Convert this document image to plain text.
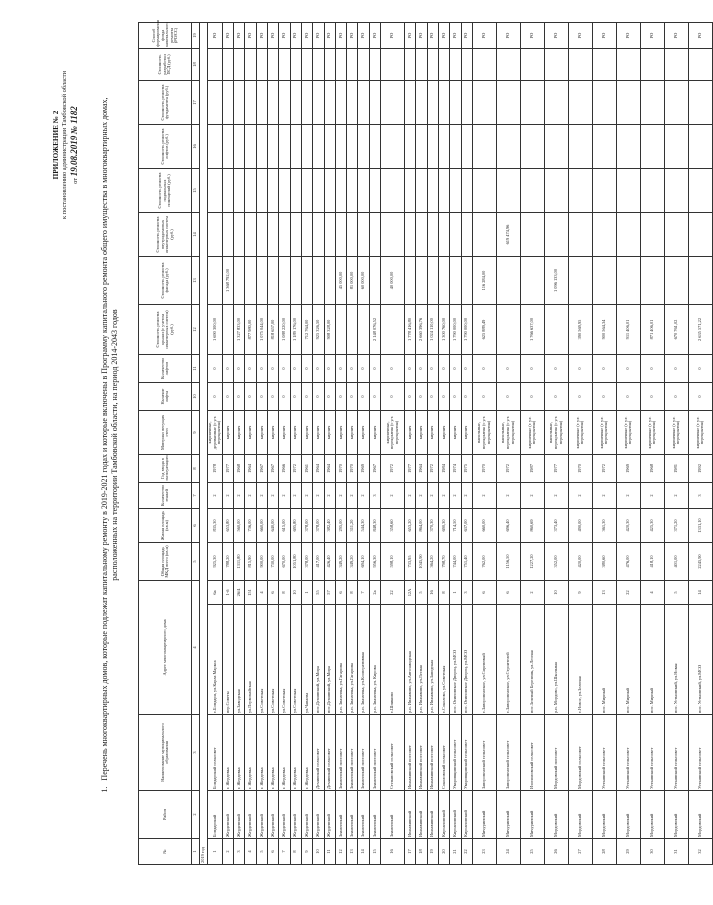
ПРИЛОЖЕНИЕ № 2 к постановлению администрации Тамбовской области от 19.08.2019 № 1182
1. Перечень многоквартирных домов, которые подлежат капитальному ремонту в 2019-2021 годах и которые включены в Программу капитального ремонта общего имущества в многоквартирных домах, расположенных на территории Тамбовской области, на период 2014-2043 годов
№	Район	Наименование муниципального образования	Адрес многоквартирного дома		Общая площадь МКД всего (кв.м)	Жилая площадь (кв.м)	Количество этажей	Год ввода в эксплуатацию	Материал несущих стен	Наличие лифта	Количество лифтов	Стоимость ремонта крыши (с учетом инженерных систем) (руб.)	Стоимость ремонта фасада (руб.)	Стоимость ремонта внутридомовых инженерных систем (руб.)	Стоимость ремонта подвальных помещений (руб.)	Стоимость ремонта лифтов (руб.)	Стоимость ремонта фундамента (руб.)	Стоимость разработки ПСД (руб.)	Способ формирования фонда капитального ремонта (РО/СС)
1	2	3	4		5	6	7	8	9	10	11	12	13	14	15	16	17	18	19
2019 год																			
1	Бондарский	Бондарский сельсовет	с.Бондари, ул.Карла Маркса	6а	925,30	835,30	2	1978	кирпичные, деревянные (с у.т. перекрытия)	0	0	1 690 300,00							РО
2	Жердевский	г. Жердевка	пер.Советы	1-б	788,20	653,80	2	1977	кирпич	0	0		1 368 792,00						РО
3	Жердевский	г. Жердевка	ул.Заводская	26/4	1311,80	560,00	2	1968	кирпич	0	0	1 327 833,00							РО
4	Жердевский	г. Жердевка	ул.Первомайская	151	815,90	736,00	2	1964	кирпич	0	0	877 980,00							РО
5	Жердевский	г. Жердевка	ул.Советская	4	900,00	660,00	2	1967	кирпич	0	0	1 075 044,00							РО
6	Жердевский	г. Жердевка	ул.Советская	6	730,00	640,00	2	1967	кирпич	0	0	818 657,00							РО
7	Жердевский	г. Жердевка	ул.Советская	8	670,00	615,00	2	1966	кирпич	0	0	1 088 220,00							РО
8	Жердевский	г. Жердевка	ул.Советская	10	1051,80	695,80	2	1972	кирпич	0	0	1 189 176,00							РО
9	Жердевский	г. Жердевка	ул.Чапаева	1	378,00	378,00	2	1961	кирпич	0	0	712 764,00							РО
10	Жердевский	Деминский сельсовет	пос.Деминский, ул.Мира	55	417,00	378,00	2	1964	кирпич	0	0	925 326,50							РО
11	Жердевский	Деминский сельсовет	пос.Деминский, ул.Мира	57	426,40	382,40	2	1964	кирпич	0	0	908 328,00							РО
12	Знаменский	Знаменский поссовет	р.п. Знаменка, ул.Гагарина	6	349,20	295,00	2	1970	кирпич	0	0		45 000,00						РО
13	Знаменский	Знаменский поссовет	р.п. Знаменка, ул.Гагарина	8	349,20	311,20	2	1970	кирпич	0	0		81 000,00						РО
14	Знаменский	Знаменский поссовет	р.п. Знаменка, ул.Кооперативная	7	694,10	544,30	2	1969	кирпич	0	0		60 000,00						РО
15	Знаменский	Знаменский поссовет	р.п. Знаменка, ул. Кирова	2а	956,30	848,30	3	1967	кирпич	0	0	2 148 076,52							РО
16	Знаменский	Степановский сельсовет	с.Шпикино	22	598,10	358,60	2	1972	кирпичные, перекрытия (с у.т. перекрытия)	0	0		40 000,00						РО
17	Инжавинский	Инжавинский поссовет	р.п. Инжавино, ул.Автозаводская	12А	733,95	653,20	2	1977	кирпич	0	0	1 778 416,80							РО
18	Инжавинский	Инжавинский поссовет	р.п. Инжавино, ул.Лесная	5	1045,90	864,00	2	1964	кирпич	0	0	2 660 396,76							РО
19	Инжавинский	Инжавинский поссовет	р.п. Инжавино, ул.Заводская	16	364,20	370,30	2	1972	кирпич	0	0	1 024 110,00							РО
20	Кирсановский	Соколовский сельсовет	с.Соколово, ул.Советская	8	798,70	690,30	2	1984	кирпич	0	0	1 300 760,00							РО
21	Кирсановский	Уваровщинский сельсовет	пос. Осиновское Дворец, ул.МСО	1	744,00	714,50	2	1974	кирпич	0	0	1 790 000,00							РО
22	Кирсановский	Уваровщинский сельсовет	пос. Осиновское Дворец, ул.МСО	3	751,40	637,00	2	1975	кирпич	0	0	1 790 000,00							РО
23	Мичуринский	Заворонежский сельсовет	с.Заворонежское, ул.Сиреневый	6	762,00	660,00	2	1970	панельные, перекрытия (с у.т. перекрытия)	0	0	625 889,49	116 284,00						РО
24	Мичуринский	Заворонежский сельсовет	с.Заворонежское, ул.Строителей	6	1156,50	696,40	2	1972	панельные, перекрытия (с у.т. перекрытия)	0	0			619 474,96					РО
25	Мичуринский	Изосимовский сельсовет	пос.Зеленый Березник, ул.Лесная	2	1227,20	860,69	2	1987	кирпичные (с у.т. перекрытия)	0	0	1 766 637,00							РО
26	Мордовский	Мордовский поссовет	р.п. Мордово, ул.Школьная	10	352,00	373,40	2	1977	панельные, перекрытия (с у.т. перекрытия)	0	0		1 096 133,00						РО
27	Мордовский	Мордовский сельсовет	с.Новое, ул.Зеленая	9	420,00	490,00	2	1970	кирпичные (с у.т. перекрытия)	0	0	390 569,95							РО
28	Мордовский	Устьинский сельсовет	пос. Мирный	13	380,60	361,30	2	1972	кирпичные (с у.т. перекрытия)	0	0	900 564,34							РО
29	Мордовский	Устьинский сельсовет	пос. Мирный	22	476,00	420,30	2	1969	кирпичные (с у.т. перекрытия)	0	0	911 406,01							РО
30	Мордовский	Устьинский сельсовет	пос. Мирный	4	418,10	425,30	2	1968	кирпичные (с у.т. перекрытия)	0	0	871 406,01							РО
31	Мордовский	Устьинский сельсовет	пос. Устьинский, ул.Новая	5	401,00	371,20	2	1981	кирпичные (с у.т. перекрытия)	0	0	670 761,02							РО
32	Мордовский	Устьинский сельсовет	пос. Устьинский, ул.МСО	14	2245,90	1331,10	3	1992	кирпичные (с у.т. перекрытия)	0	0	2 635 571,22							РО
